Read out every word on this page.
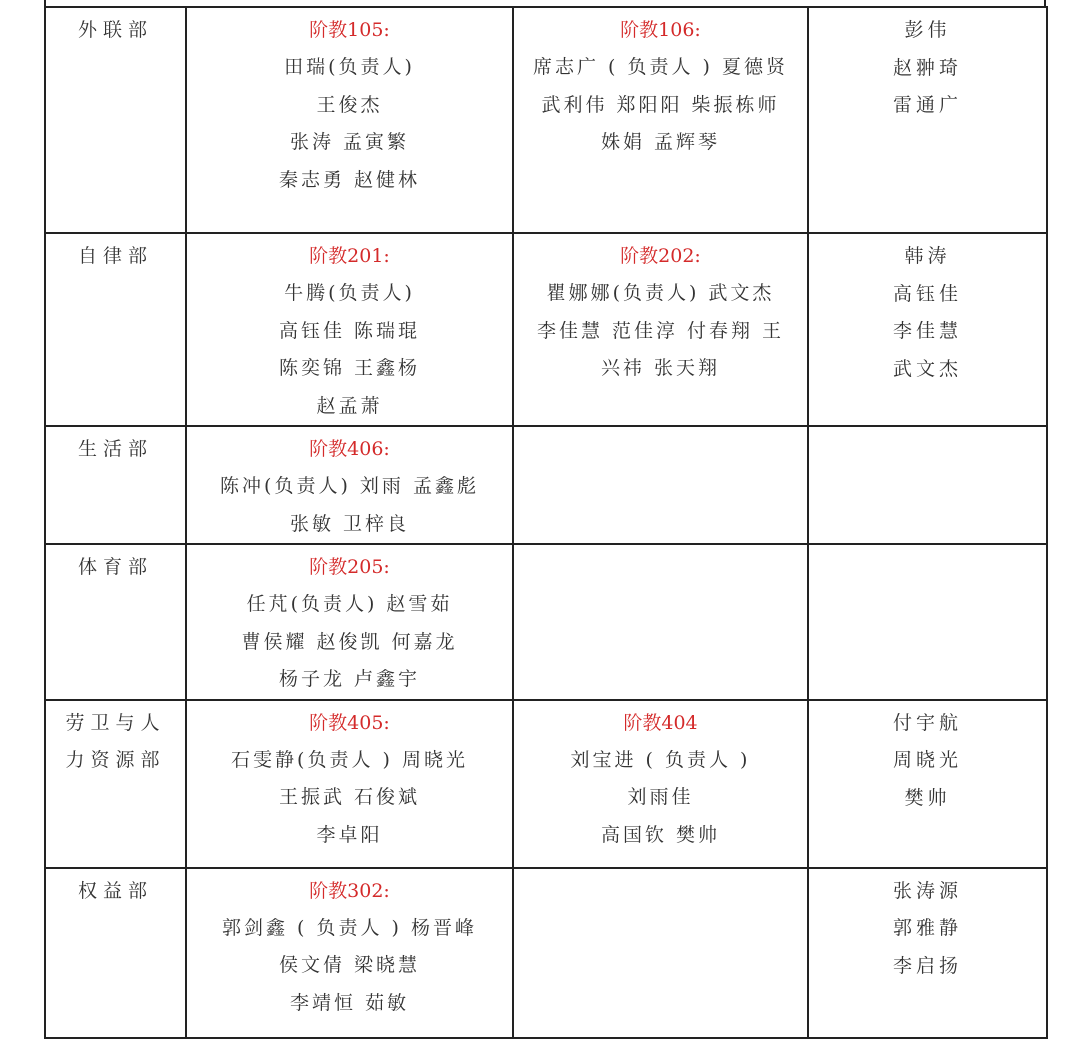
外联部	阶教105:
田瑞(负责人)
王俊杰
张涛 孟寅繁
秦志勇 赵健林	阶教106:
席志广 ( 负责人 ) 夏德贤
武利伟 郑阳阳 柴振栋师
姝娟 孟辉琴	彭伟
赵翀琦
雷通广

自律部	阶教201:
牛腾(负责人)
高钰佳 陈瑞琨
陈奕锦 王鑫杨
赵孟萧	阶教202:
瞿娜娜(负责人) 武文杰
李佳慧 范佳淳 付春翔 王
兴祎 张天翔	韩涛
高钰佳
李佳慧
武文杰

生活部	阶教406:
陈冲(负责人) 刘雨 孟鑫彪
张敏 卫梓良		

体育部	阶教205:
任芃(负责人) 赵雪茹
曹侯耀 赵俊凯 何嘉龙
杨子龙 卢鑫宇		

劳卫与人
力资源部	阶教405:
石雯静(负责人 ) 周晓光
王振武 石俊斌
李卓阳	阶教404
刘宝进 ( 负责人 )
刘雨佳
高国钦 樊帅	付宇航
周晓光
樊帅

权益部	阶教302:
郭剑鑫 ( 负责人 ) 杨晋峰
侯文倩 梁晓慧
李靖恒 茹敏		张涛源
郭雅静
李启扬
